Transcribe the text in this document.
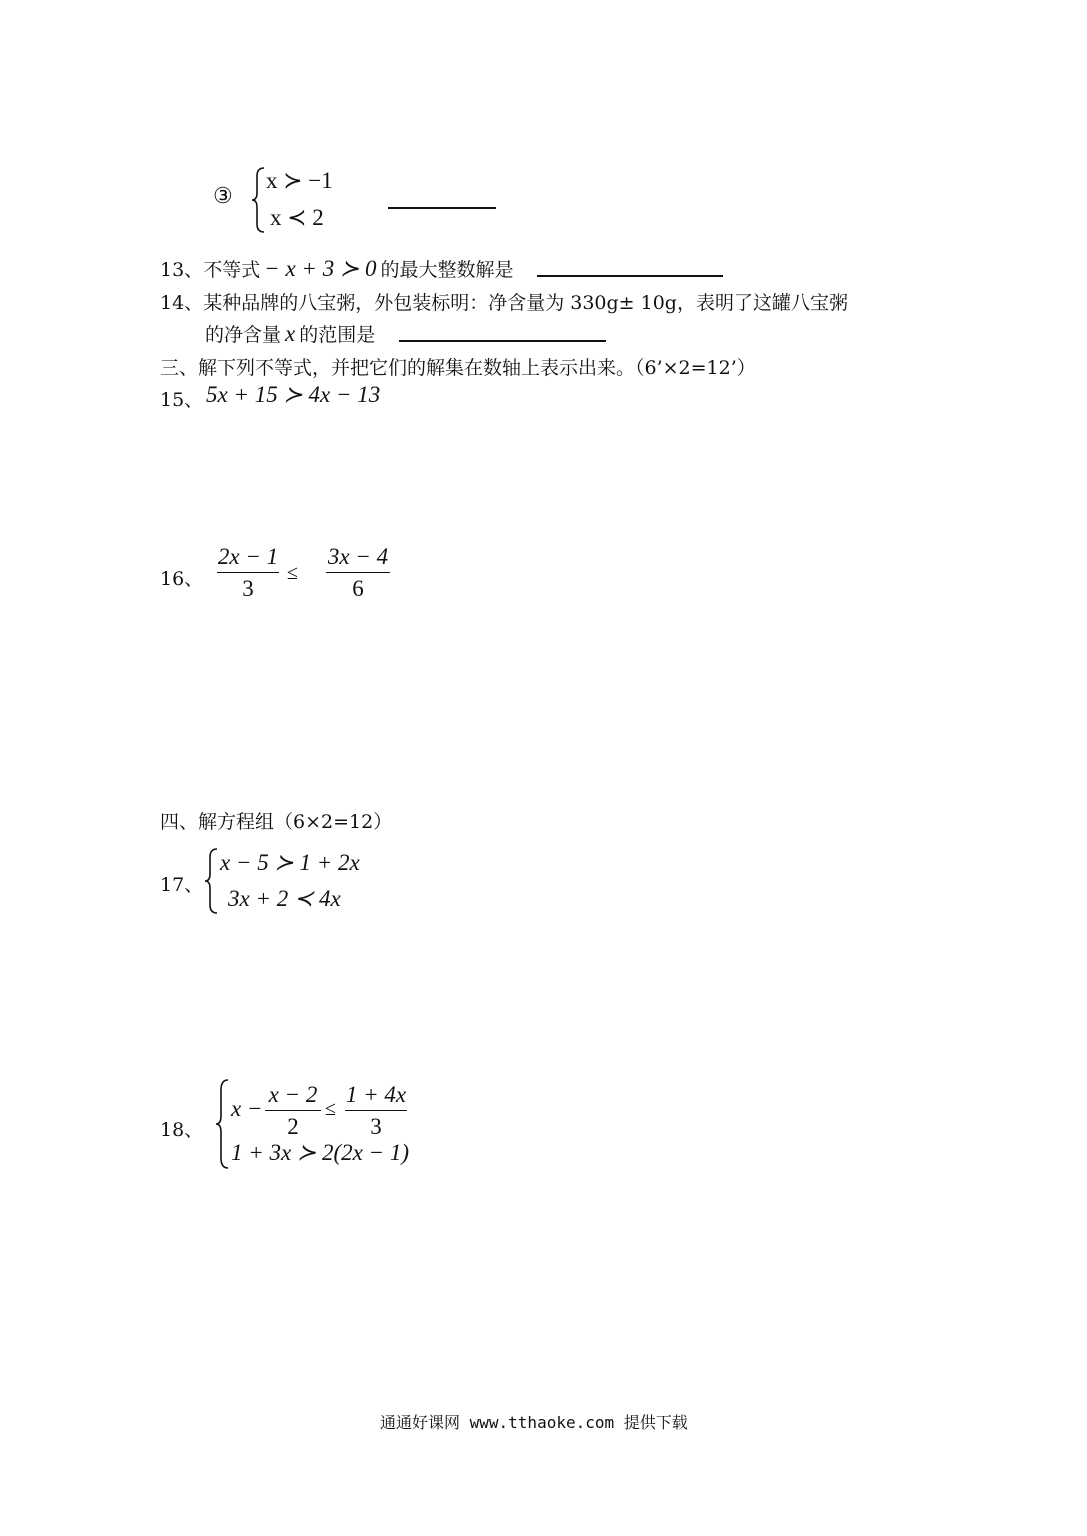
③
x ≻ −1
x ≺ 2
13、不等式 − x + 3 ≻ 0 的最大整数解是
14、某种品牌的八宝粥，外包装标明：净含量为 330g± 10g，表明了这罐八宝粥
的净含量 x 的范围是
三、解下列不等式，并把它们的解集在数轴上表示出来。（6’×2=12’）
15、 5x + 15 ≻ 4x − 13
16、
2x − 1
3
≤
3x − 4
6
四、解方程组（6×2=12）
17、
x − 5 ≻ 1 + 2x
3x + 2 ≺ 4x
18、
x −
x − 2
2
≤
1 + 4x
3
1 + 3x ≻ 2(2x − 1)
通通好课网 www.tthaoke.com 提供下载
